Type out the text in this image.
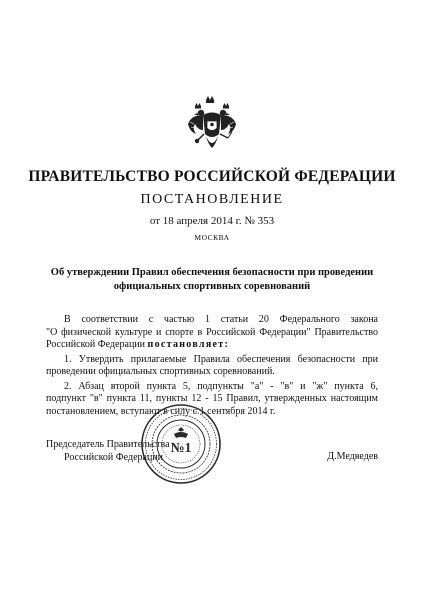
ПРАВИТЕЛЬСТВО РОССИЙСКОЙ ФЕДЕРАЦИИ
ПОСТАНОВЛЕНИЕ
от 18 апреля 2014 г. № 353
МОСКВА
Об утверждении Правил обеспечения безопасности при проведении
официальных спортивных соревнований
В соответствии с частью 1 статьи 20 Федерального закона
"О физической культуре и спорте в Российской Федерации" Правительство
Российской Федерации постановляет:
1. Утвердить прилагаемые Правила обеспечения безопасности при
проведении официальных спортивных соревнований.
2. Абзац второй пункта 5, подпункты "а" - "в" и "ж" пункта 6,
подпункт "в" пункта 11, пункты 12 - 15 Правил, утвержденных настоящим
постановлением, вступают в силу с 1 сентября 2014 г.
Председатель Правительства
Российской Федерации	Д.Медведев
№1
